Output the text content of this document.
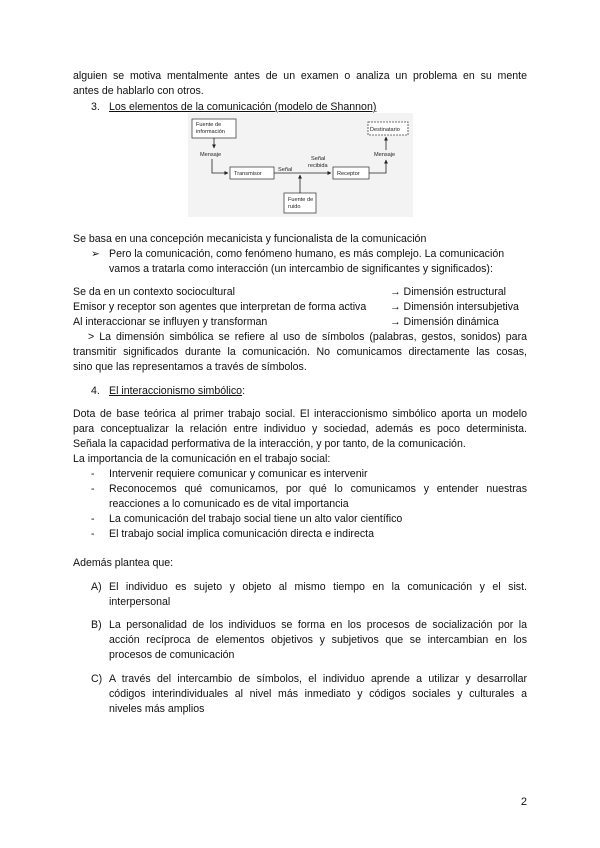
alguien se motiva mentalmente antes de un examen o analiza un problema en su mente
antes de hablarlo con otros.
3. Los elementos de la comunicación (modelo de Shannon)
Fuente de
información	Destinatario
Mensaje	Mensaje
Transmisor
Señal
Señal
recibida
Receptor
Fuente de
ruido
Se basa en una concepción mecanicista y funcionalista de la comunicación
➢ Pero la comunicación, como fenómeno humano, es más complejo. La comunicación
vamos a tratarla como interacción (un intercambio de significantes y significados):
Se da en un contexto sociocultural	→ Dimensión estructural
Emisor y receptor son agentes que interpretan de forma activa → Dimensión intersubjetiva
Al interaccionar se influyen y transforman	→ Dimensión dinámica
> La dimensión simbólica se refiere al uso de símbolos (palabras, gestos, sonidos) para
transmitir significados durante la comunicación. No comunicamos directamente las cosas,
sino que las representamos a través de símbolos.
4. El interaccionismo simbólico:
Dota de base teórica al primer trabajo social. El interaccionismo simbólico aporta un modelo
para conceptualizar la relación entre individuo y sociedad, además es poco determinista.
Señala la capacidad performativa de la interacción, y por tanto, de la comunicación.
La importancia de la comunicación en el trabajo social:
- Intervenir requiere comunicar y comunicar es intervenir
- Reconocemos qué comunicamos, por qué lo comunicamos y entender nuestras
reacciones a lo comunicado es de vital importancia
- La comunicación del trabajo social tiene un alto valor científico
- El trabajo social implica comunicación directa e indirecta
Además plantea que:
A) El individuo es sujeto y objeto al mismo tiempo en la comunicación y el sist.
interpersonal
B) La personalidad de los individuos se forma en los procesos de socialización por la
acción recíproca de elementos objetivos y subjetivos que se intercambian en los
procesos de comunicación
C) A través del intercambio de símbolos, el individuo aprende a utilizar y desarrollar
códigos interindividuales al nivel más inmediato y códigos sociales y culturales a
niveles más amplios
2
